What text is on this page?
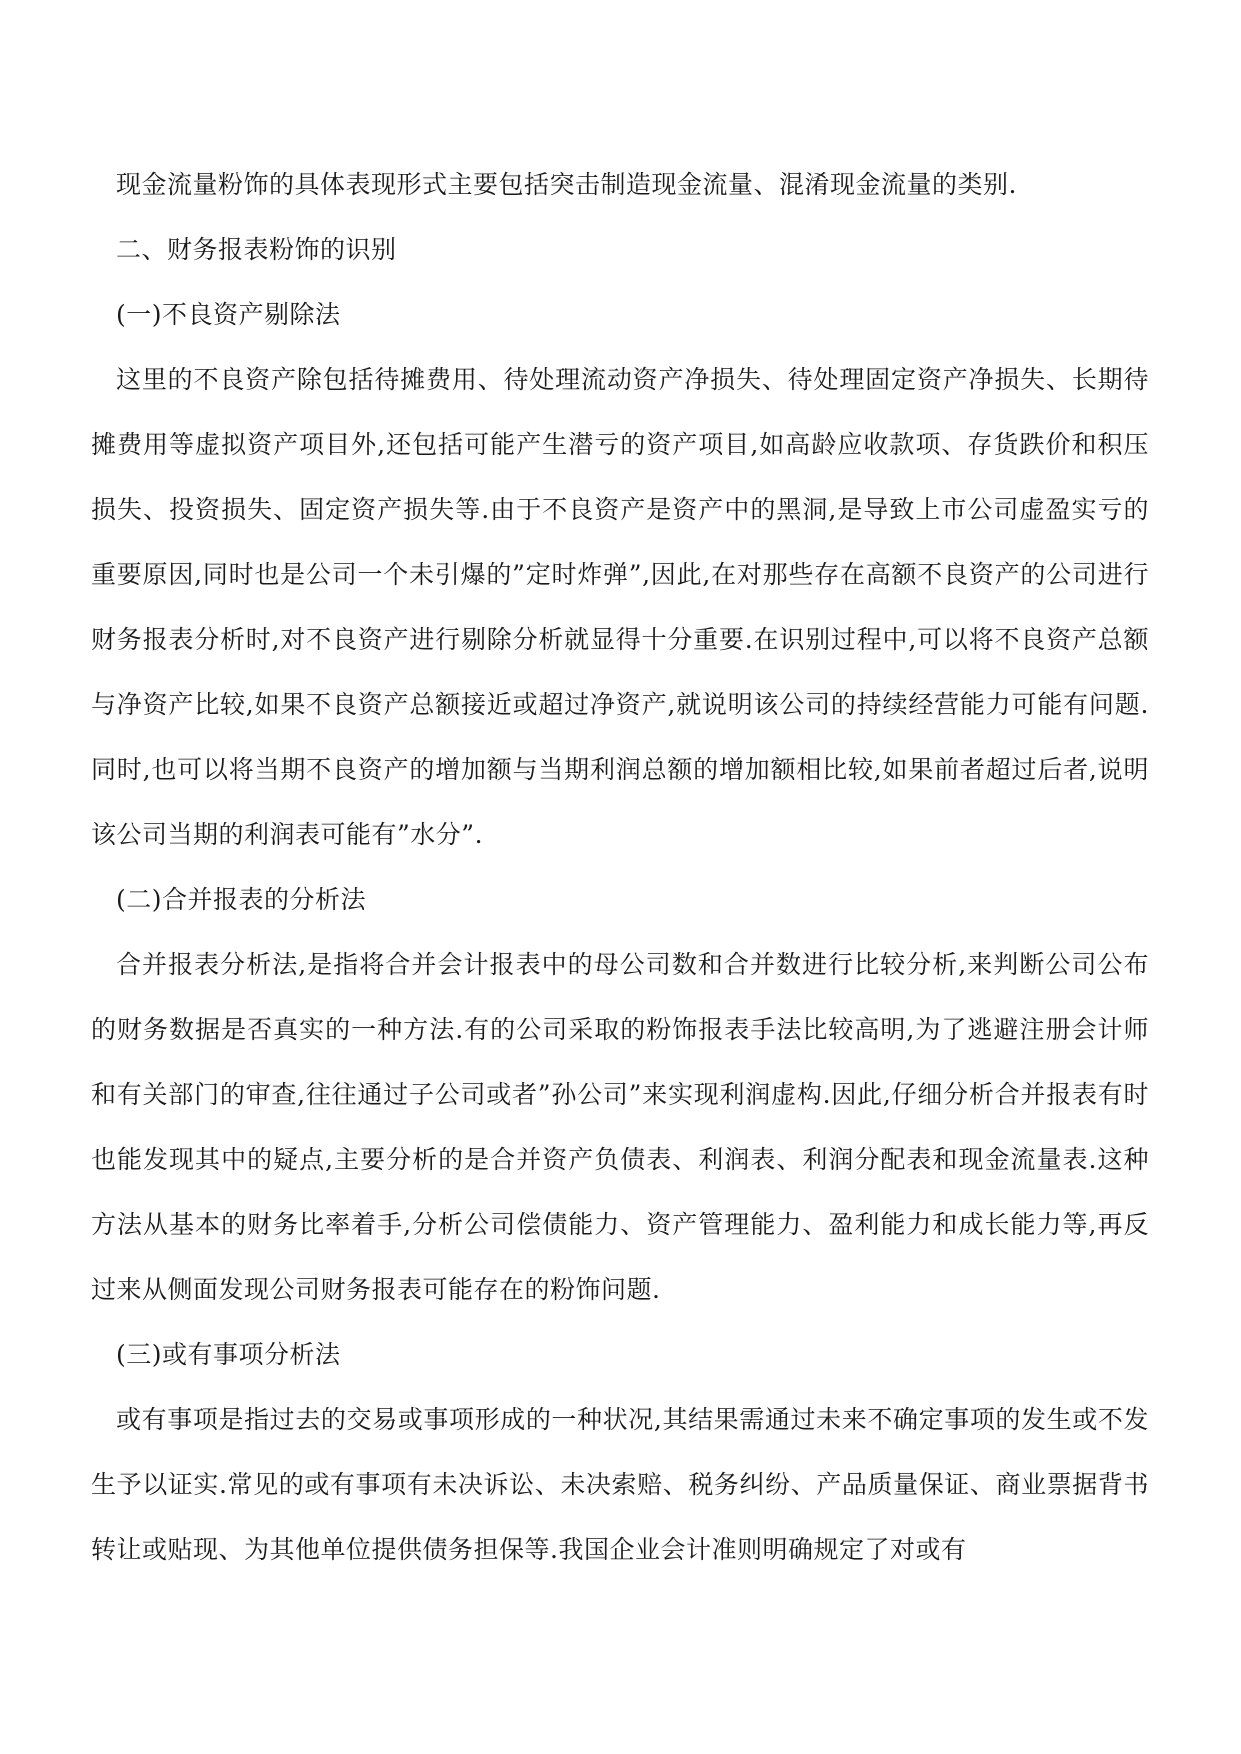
现金流量粉饰的具体表现形式主要包括突击制造现金流量、混淆现金流量的类别.

二、财务报表粉饰的识别

(一)不良资产剔除法

这里的不良资产除包括待摊费用、待处理流动资产净损失、待处理固定资产净损失、长期待摊费用等虚拟资产项目外,还包括可能产生潜亏的资产项目,如高龄应收款项、存货跌价和积压损失、投资损失、固定资产损失等.由于不良资产是资产中的黑洞,是导致上市公司虚盈实亏的重要原因,同时也是公司一个未引爆的”定时炸弹”,因此,在对那些存在高额不良资产的公司进行财务报表分析时,对不良资产进行剔除分析就显得十分重要.在识别过程中,可以将不良资产总额与净资产比较,如果不良资产总额接近或超过净资产,就说明该公司的持续经营能力可能有问题.同时,也可以将当期不良资产的增加额与当期利润总额的增加额相比较,如果前者超过后者,说明该公司当期的利润表可能有”水分”.

(二)合并报表的分析法

合并报表分析法,是指将合并会计报表中的母公司数和合并数进行比较分析,来判断公司公布的财务数据是否真实的一种方法.有的公司采取的粉饰报表手法比较高明,为了逃避注册会计师和有关部门的审查,往往通过子公司或者”孙公司”来实现利润虚构.因此,仔细分析合并报表有时也能发现其中的疑点,主要分析的是合并资产负债表、利润表、利润分配表和现金流量表.这种方法从基本的财务比率着手,分析公司偿债能力、资产管理能力、盈利能力和成长能力等,再反过来从侧面发现公司财务报表可能存在的粉饰问题.

(三)或有事项分析法

或有事项是指过去的交易或事项形成的一种状况,其结果需通过未来不确定事项的发生或不发生予以证实.常见的或有事项有未决诉讼、未决索赔、税务纠纷、产品质量保证、商业票据背书转让或贴现、为其他单位提供债务担保等.我国企业会计准则明确规定了对或有
